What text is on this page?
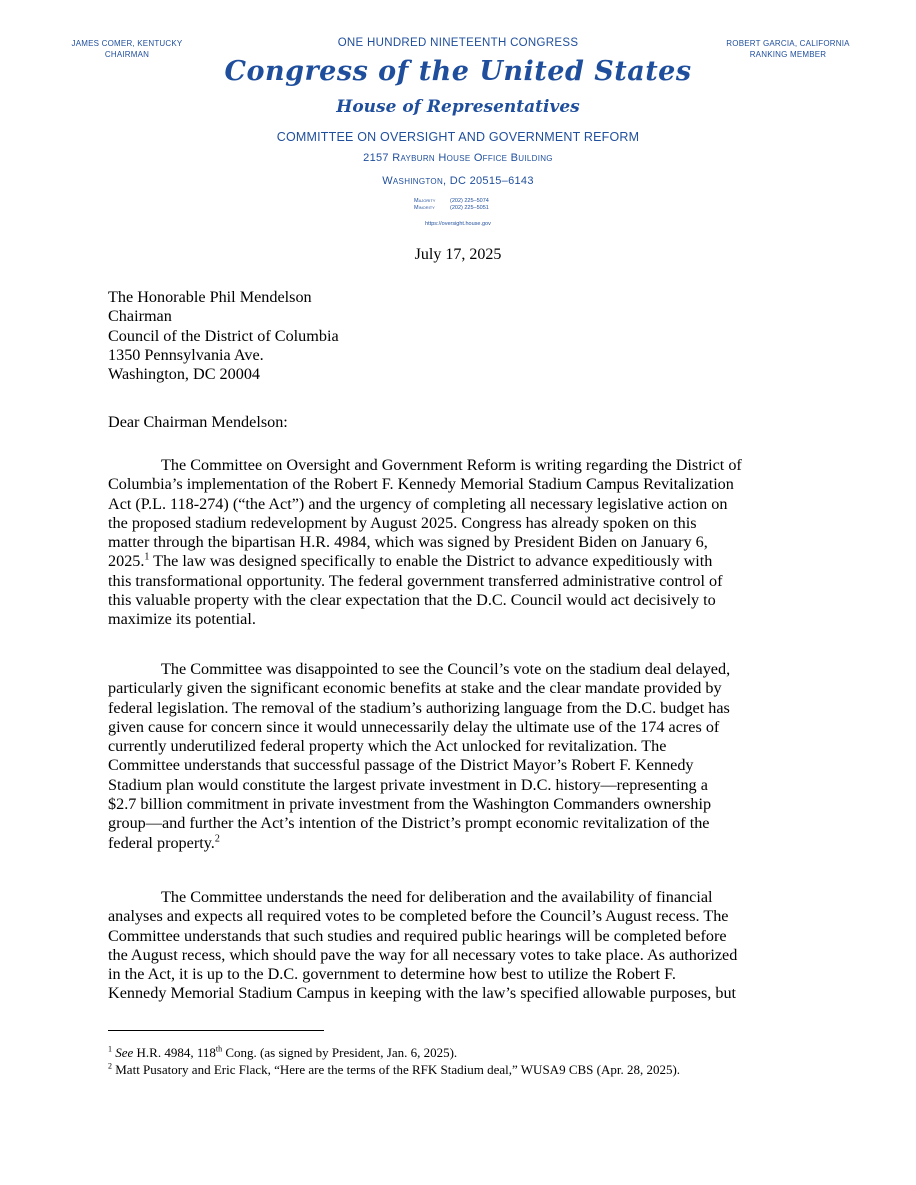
JAMES COMER, KENTUCKY
CHAIRMAN
ROBERT GARCIA, CALIFORNIA
RANKING MEMBER
ONE HUNDRED NINETEENTH CONGRESS
Congress of the United States
House of Representatives
COMMITTEE ON OVERSIGHT AND GOVERNMENT REFORM
2157 Rayburn House Office Building
Washington, DC 20515–6143
Majority	(202) 225–5074
Minority	(202) 225–5051
https://oversight.house.gov
July 17, 2025
The Honorable Phil Mendelson
Chairman
Council of the District of Columbia
1350 Pennsylvania Ave.
Washington, DC 20004
Dear Chairman Mendelson:
The Committee on Oversight and Government Reform is writing regarding the District of
Columbia’s implementation of the Robert F. Kennedy Memorial Stadium Campus Revitalization
Act (P.L. 118-274) (“the Act”) and the urgency of completing all necessary legislative action on
the proposed stadium redevelopment by August 2025. Congress has already spoken on this
matter through the bipartisan H.R. 4984, which was signed by President Biden on January 6,
2025.$^1$ The law was designed specifically to enable the District to advance expeditiously with
this transformational opportunity. The federal government transferred administrative control of
this valuable property with the clear expectation that the D.C. Council would act decisively to
maximize its potential.
The Committee was disappointed to see the Council’s vote on the stadium deal delayed,
particularly given the significant economic benefits at stake and the clear mandate provided by
federal legislation. The removal of the stadium’s authorizing language from the D.C. budget has
given cause for concern since it would unnecessarily delay the ultimate use of the 174 acres of
currently underutilized federal property which the Act unlocked for revitalization. The
Committee understands that successful passage of the District Mayor’s Robert F. Kennedy
Stadium plan would constitute the largest private investment in D.C. history—representing a
$2.7 billion commitment in private investment from the Washington Commanders ownership
group—and further the Act’s intention of the District’s prompt economic revitalization of the
federal property.$^2$
The Committee understands the need for deliberation and the availability of financial
analyses and expects all required votes to be completed before the Council’s August recess. The
Committee understands that such studies and required public hearings will be completed before
the August recess, which should pave the way for all necessary votes to take place. As authorized
in the Act, it is up to the D.C. government to determine how best to utilize the Robert F.
Kennedy Memorial Stadium Campus in keeping with the law’s specified allowable purposes, but
$^1$ See H.R. 4984, 118th Cong. (as signed by President, Jan. 6, 2025).
$^2$ Matt Pusatory and Eric Flack, “Here are the terms of the RFK Stadium deal,” WUSA9 CBS (Apr. 28, 2025).
